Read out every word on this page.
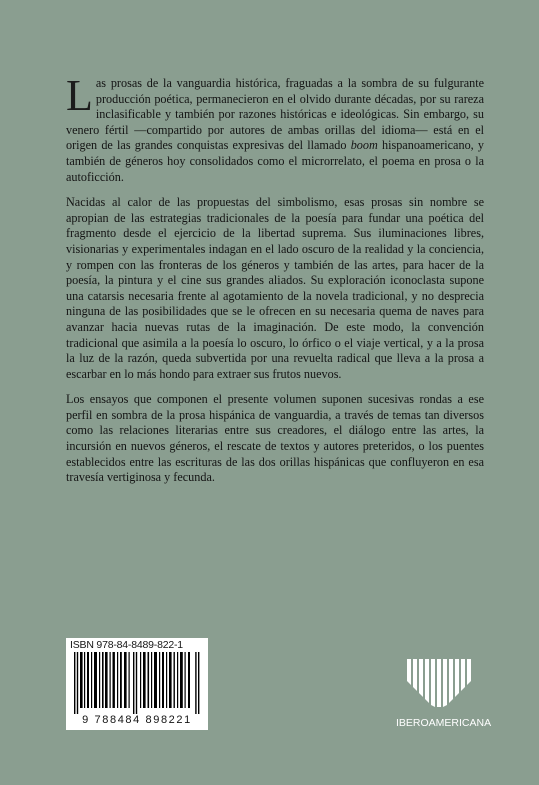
Las prosas de la vanguardia histórica, fraguadas a la sombra de su fulgurante producción poética, permanecieron en el olvido durante décadas, por su rareza inclasificable y también por razones históricas e ideológicas. Sin embargo, su venero fértil —compartido por autores de ambas orillas del idioma— está en el origen de las grandes conquistas expresivas del llamado boom hispanoamericano, y también de géneros hoy consolidados como el microrrelato, el poema en prosa o la autoficción.

Nacidas al calor de las propuestas del simbolismo, esas prosas sin nombre se apropian de las estrategias tradicionales de la poesía para fundar una poética del fragmento desde el ejercicio de la libertad suprema. Sus iluminaciones libres, visionarias y experimentales indagan en el lado oscuro de la realidad y la conciencia, y rompen con las fronteras de los géneros y también de las artes, para hacer de la poesía, la pintura y el cine sus grandes aliados. Su exploración iconoclasta supone una catarsis necesaria frente al agotamiento de la novela tradicional, y no desprecia ninguna de las posibilidades que se le ofrecen en su necesaria quema de naves para avanzar hacia nuevas rutas de la imaginación. De este modo, la convención tradicional que asimila a la poesía lo oscuro, lo órfico o el viaje vertical, y a la prosa la luz de la razón, queda subvertida por una revuelta radical que lleva a la prosa a escarbar en lo más hondo para extraer sus frutos nuevos.

Los ensayos que componen el presente volumen suponen sucesivas rondas a ese perfil en sombra de la prosa hispánica de vanguardia, a través de temas tan diversos como las relaciones literarias entre sus creadores, el diálogo entre las artes, la incursión en nuevos géneros, el rescate de textos y autores preteridos, o los puentes establecidos entre las escrituras de las dos orillas hispánicas que confluyeron en esa travesía vertiginosa y fecunda.

ISBN 978-84-8489-822-1
9 788484 898221	IBEROAMERICANA
